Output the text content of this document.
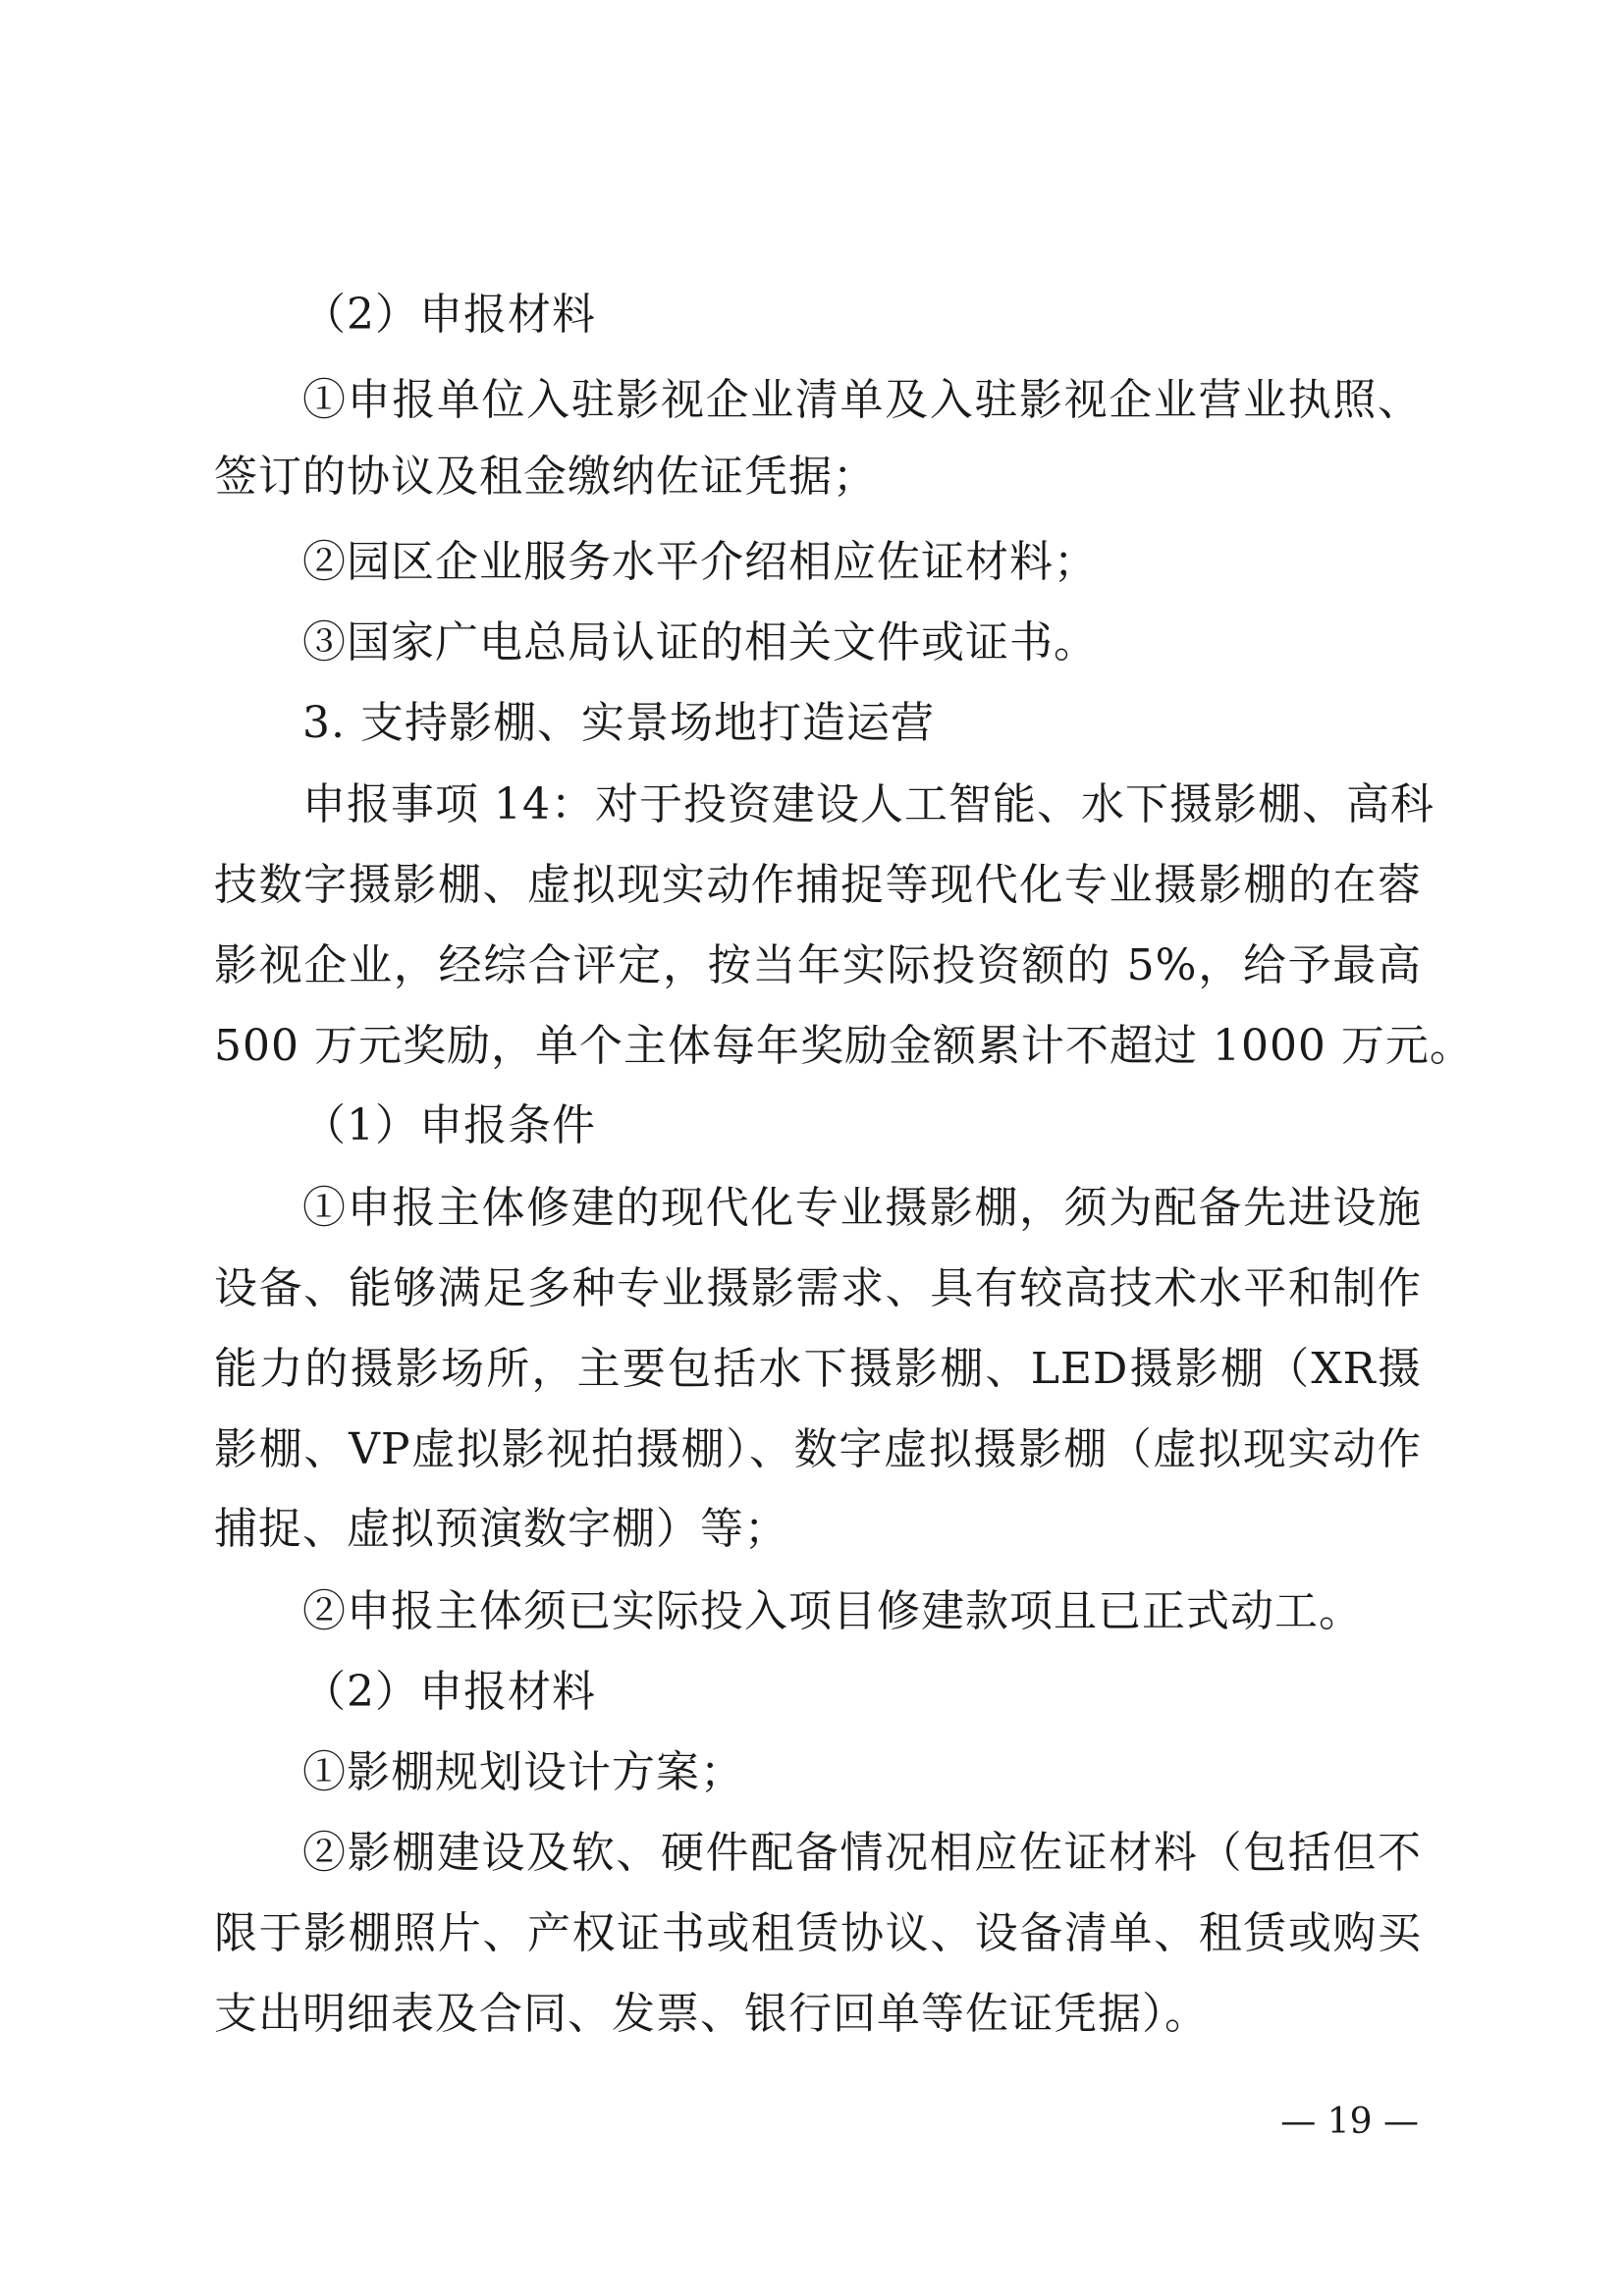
（2）申报材料
①申报单位入驻影视企业清单及入驻影视企业营业执照、
签订的协议及租金缴纳佐证凭据；
②园区企业服务水平介绍相应佐证材料；
③国家广电总局认证的相关文件或证书。
3. 支持影棚、实景场地打造运营
申报事项 14：对于投资建设人工智能、水下摄影棚、高科
技数字摄影棚、虚拟现实动作捕捉等现代化专业摄影棚的在蓉
影视企业，经综合评定，按当年实际投资额的 5%，给予最高
500 万元奖励，单个主体每年奖励金额累计不超过 1000 万元。
（1）申报条件
①申报主体修建的现代化专业摄影棚，须为配备先进设施
设备、能够满足多种专业摄影需求、具有较高技术水平和制作
能力的摄影场所，主要包括水下摄影棚、LED摄影棚（XR摄
影棚、VP虚拟影视拍摄棚）、数字虚拟摄影棚（虚拟现实动作
捕捉、虚拟预演数字棚）等；
②申报主体须已实际投入项目修建款项且已正式动工。
（2）申报材料
①影棚规划设计方案；
②影棚建设及软、硬件配备情况相应佐证材料（包括但不
限于影棚照片、产权证书或租赁协议、设备清单、租赁或购买
支出明细表及合同、发票、银行回单等佐证凭据）。
— 19 —
